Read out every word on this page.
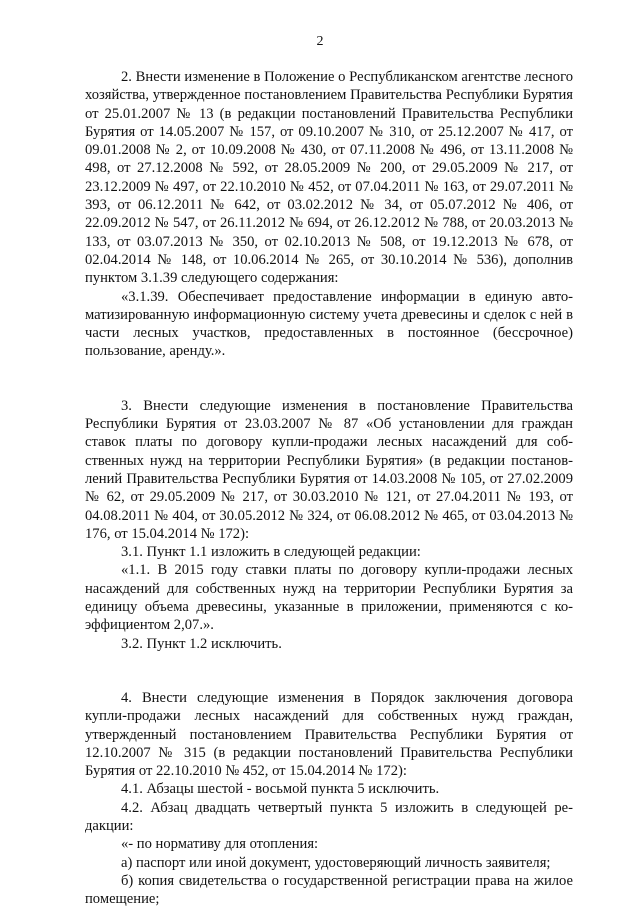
2

2. Внести изменение в Положение о Республиканском агентстве лесного хозяйства, утвержденное постановлением Правительства Республики Бурятия от 25.01.2007 № 13 (в редакции постановлений Правительства Республики Бурятия от 14.05.2007 № 157, от 09.10.2007 № 310, от 25.12.2007 № 417, от 09.01.2008 № 2, от 10.09.2008 № 430, от 07.11.2008 № 496, от 13.11.2008 № 498, от 27.12.2008 № 592, от 28.05.2009 № 200, от 29.05.2009 № 217, от 23.12.2009 № 497, от 22.10.2010 № 452, от 07.04.2011 № 163, от 29.07.2011 № 393, от 06.12.2011 № 642, от 03.02.2012 № 34, от 05.07.2012 № 406, от 22.09.2012 № 547, от 26.11.2012 № 694, от 26.12.2012 № 788, от 20.03.2013 № 133, от 03.07.2013 № 350, от 02.10.2013 № 508, от 19.12.2013 № 678, от 02.04.2014 № 148, от 10.06.2014 № 265, от 30.10.2014 № 536), дополнив пунктом 3.1.39 следующего содержания:

«3.1.39. Обеспечивает предоставление информации в единую автоматизированную информационную систему учета древесины и сделок с ней в части лесных участков, предоставленных в постоянное (бессрочное) пользование, аренду.».

3. Внести следующие изменения в постановление Правительства Республики Бурятия от 23.03.2007 № 87 «Об установлении для граждан ставок платы по договору купли-продажи лесных насаждений для собственных нужд на территории Республики Бурятия» (в редакции постановлений Правительства Республики Бурятия от 14.03.2008 № 105, от 27.02.2009 № 62, от 29.05.2009 № 217, от 30.03.2010 № 121, от 27.04.2011 № 193, от 04.08.2011 № 404, от 30.05.2012 № 324, от 06.08.2012 № 465, от 03.04.2013 № 176, от 15.04.2014 № 172):

3.1. Пункт 1.1 изложить в следующей редакции:

«1.1. В 2015 году ставки платы по договору купли-продажи лесных насаждений для собственных нужд на территории Республики Бурятия за единицу объема древесины, указанные в приложении, применяются с коэффициентом 2,07.».

3.2. Пункт 1.2 исключить.

4. Внести следующие изменения в Порядок заключения договора купли-продажи лесных насаждений для собственных нужд граждан, утвержденный постановлением Правительства Республики Бурятия от 12.10.2007 № 315 (в редакции постановлений Правительства Республики Бурятия от 22.10.2010 № 452, от 15.04.2014 № 172):

4.1. Абзацы шестой - восьмой пункта 5 исключить.

4.2. Абзац двадцать четвертый пункта 5 изложить в следующей редакции:

«- по нормативу для отопления:

а) паспорт или иной документ, удостоверяющий личность заявителя;

б) копия свидетельства о государственной регистрации права на жилое помещение;
